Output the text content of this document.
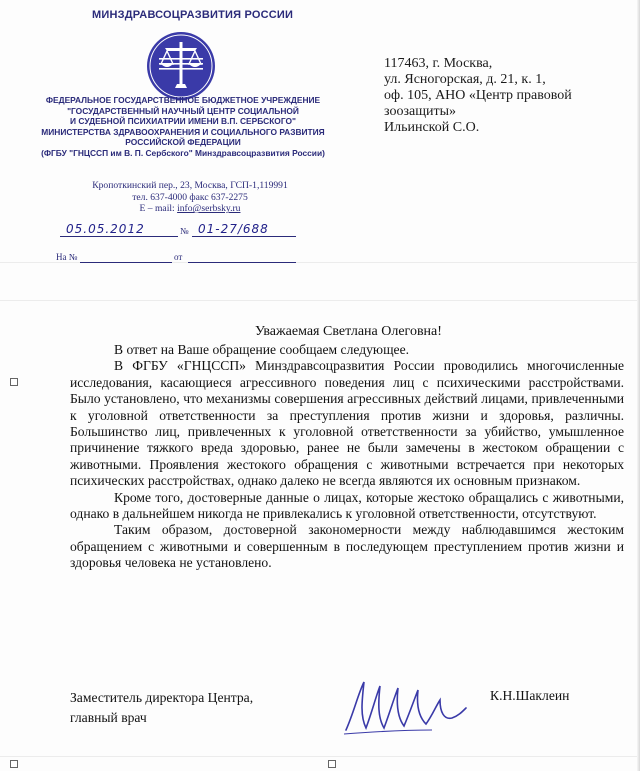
МИНЗДРАВСОЦРАЗВИТИЯ РОССИИ
ФЕДЕРАЛЬНОЕ ГОСУДАРСТВЕННОЕ БЮДЖЕТНОЕ УЧРЕЖДЕНИЕ
"ГОСУДАРСТВЕННЫЙ НАУЧНЫЙ ЦЕНТР СОЦИАЛЬНОЙ
И СУДЕБНОЙ ПСИХИАТРИИ ИМЕНИ В.П. СЕРБСКОГО"
МИНИСТЕРСТВА ЗДРАВООХРАНЕНИЯ И СОЦИАЛЬНОГО РАЗВИТИЯ
РОССИЙСКОЙ ФЕДЕРАЦИИ
(ФГБУ "ГНЦССП им В. П. Сербского" Минздравсоцразвития России)
Кропоткинский пер., 23, Москва, ГСП-1,119991
тел. 637-4000 факс 637-2275
E – mail: info@serbsky.ru
05.05.2012	№ 01-27/688
На №	от
117463, г. Москва,
ул. Ясногорская, д. 21, к. 1,
оф. 105, АНО «Центр правовой
зоозащиты»
Ильинской С.О.
Уважаемая Светлана Олеговна!

В ответ на Ваше обращение сообщаем следующее.

В ФГБУ «ГНЦССП» Минздравсоцразвития России проводились многочисленные исследования, касающиеся агрессивного поведения лиц с психическими расстройствами. Было установлено, что механизмы совершения агрессивных действий лицами, привлеченными к уголовной ответственности за преступления против жизни и здоровья, различны. Большинство лиц, привлеченных к уголовной ответственности за убийство, умышленное причинение тяжкого вреда здоровью, ранее не были замечены в жестоком обращении с животными. Проявления жестокого обращения с животными встречается при некоторых психических расстройствах, однако далеко не всегда являются их основным признаком.

Кроме того, достоверные данные о лицах, которые жестоко обращались с животными, однако в дальнейшем никогда не привлекались к уголовной ответственности, отсутствуют.

Таким образом, достоверной закономерности между наблюдавшимся жестоким обращением с животными и совершенным в последующем преступлением против жизни и здоровья человека не установлено.

Заместитель директора Центра,
главный врач
К.Н.Шаклеин
